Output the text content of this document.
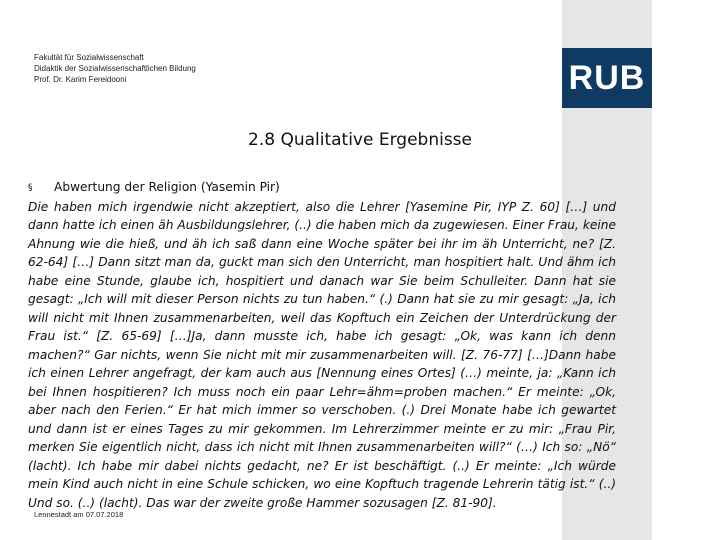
RUB
Fakultät für Sozialwissenschaft
Didaktik der Sozialwissenschaftlichen Bildung
Prof. Dr. Karim Fereidooni
2.8 Qualitative Ergebnisse
§ Abwertung der Religion (Yasemin Pir)
Die haben mich irgendwie nicht akzeptiert, also die Lehrer [Yasemine Pir, IYP Z. 60] […] und dann hatte ich einen äh Ausbildungslehrer, (..) die haben mich da zugewiesen. Einer Frau, keine Ahnung wie die hieß, und äh ich saß dann eine Woche später bei ihr im äh Unterricht, ne? [Z. 62-64] […] Dann sitzt man da, guckt man sich den Unterricht, man hospitiert halt. Und ähm ich habe eine Stunde, glaube ich, hospitiert und danach war Sie beim Schulleiter. Dann hat sie gesagt: „Ich will mit dieser Person nichts zu tun haben.“ (.) Dann hat sie zu mir gesagt: „Ja, ich will nicht mit Ihnen zusammenarbeiten, weil das Kopftuch ein Zeichen der Unterdrückung der Frau ist.“ [Z. 65-69] […]Ja, dann musste ich, habe ich gesagt: „Ok, was kann ich denn machen?“ Gar nichts, wenn Sie nicht mit mir zusammenarbeiten will. [Z. 76-77] […]Dann habe ich einen Lehrer angefragt, der kam auch aus [Nennung eines Ortes] (…) meinte, ja: „Kann ich bei Ihnen hospitieren? Ich muss noch ein paar Lehr=ähm=proben machen.“ Er meinte: „Ok, aber nach den Ferien.“ Er hat mich immer so verschoben. (.) Drei Monate habe ich gewartet und dann ist er eines Tages zu mir gekommen. Im Lehrerzimmer meinte er zu mir: „Frau Pir, merken Sie eigentlich nicht, dass ich nicht mit Ihnen zusammenarbeiten will?“ (…) Ich so: „Nö“ (lacht). Ich habe mir dabei nichts gedacht, ne? Er ist beschäftigt. (..) Er meinte: „Ich würde mein Kind auch nicht in eine Schule schicken, wo eine Kopftuch tragende Lehrerin tätig ist.“ (..) Und so. (..) (lacht). Das war der zweite große Hammer sozusagen [Z. 81-90].
Lennestadt am 07.07.2018
